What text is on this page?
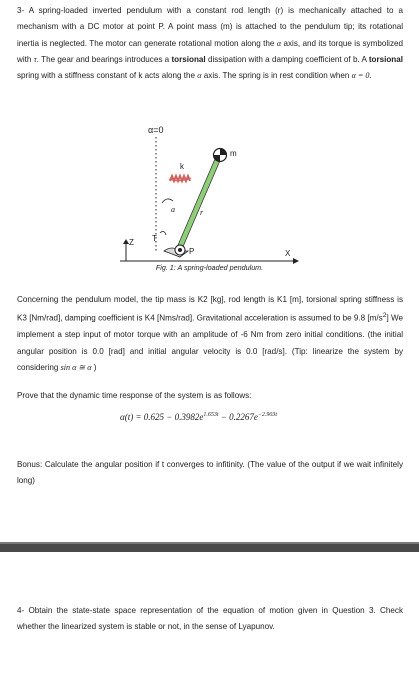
3- A spring-loaded inverted pendulum with a constant rod length (r) is mechanically attached to a mechanism with a DC motor at point P. A point mass (m) is attached to the pendulum tip; its rotational inertia is neglected. The motor can generate rotational motion along the α axis, and its torque is symbolized with τ. The gear and bearings introduces a torsional dissipation with a damping coefficient of b. A torsional spring with a stiffness constant of k acts along the α axis. The spring is in rest condition when α = 0.
α=0
k
a	r
m
T
Z
X
P
Fig. 1: A spring-loaded pendulum.
Concerning the pendulum model, the tip mass is K2 [kg], rod length is K1 [m], torsional spring stiffness is K3 [Nm/rad], damping coefficient is K4 [Nms/rad]. Gravitational acceleration is assumed to be 9.8 $[m/s^2]$ We implement a step input of motor torque with an amplitude of -6 Nm from zero initial conditions. (the initial angular position is 0.0 [rad] and initial angular velocity is 0.0 [rad/s]. (Tip: linearize the system by considering sin α ≅ α )
Prove that the dynamic time response of the system is as follows:
$\alpha(t) = 0.625 - 0.3982e^{1.653t} - 0.2267e^{-2.903t}$
Bonus: Calculate the angular position if t converges to infitinity. (The value of the output if we wait infinitely long)
4- Obtain the state-state space representation of the equation of motion given in Question 3. Check whether the linearized system is stable or not, in the sense of Lyapunov.
